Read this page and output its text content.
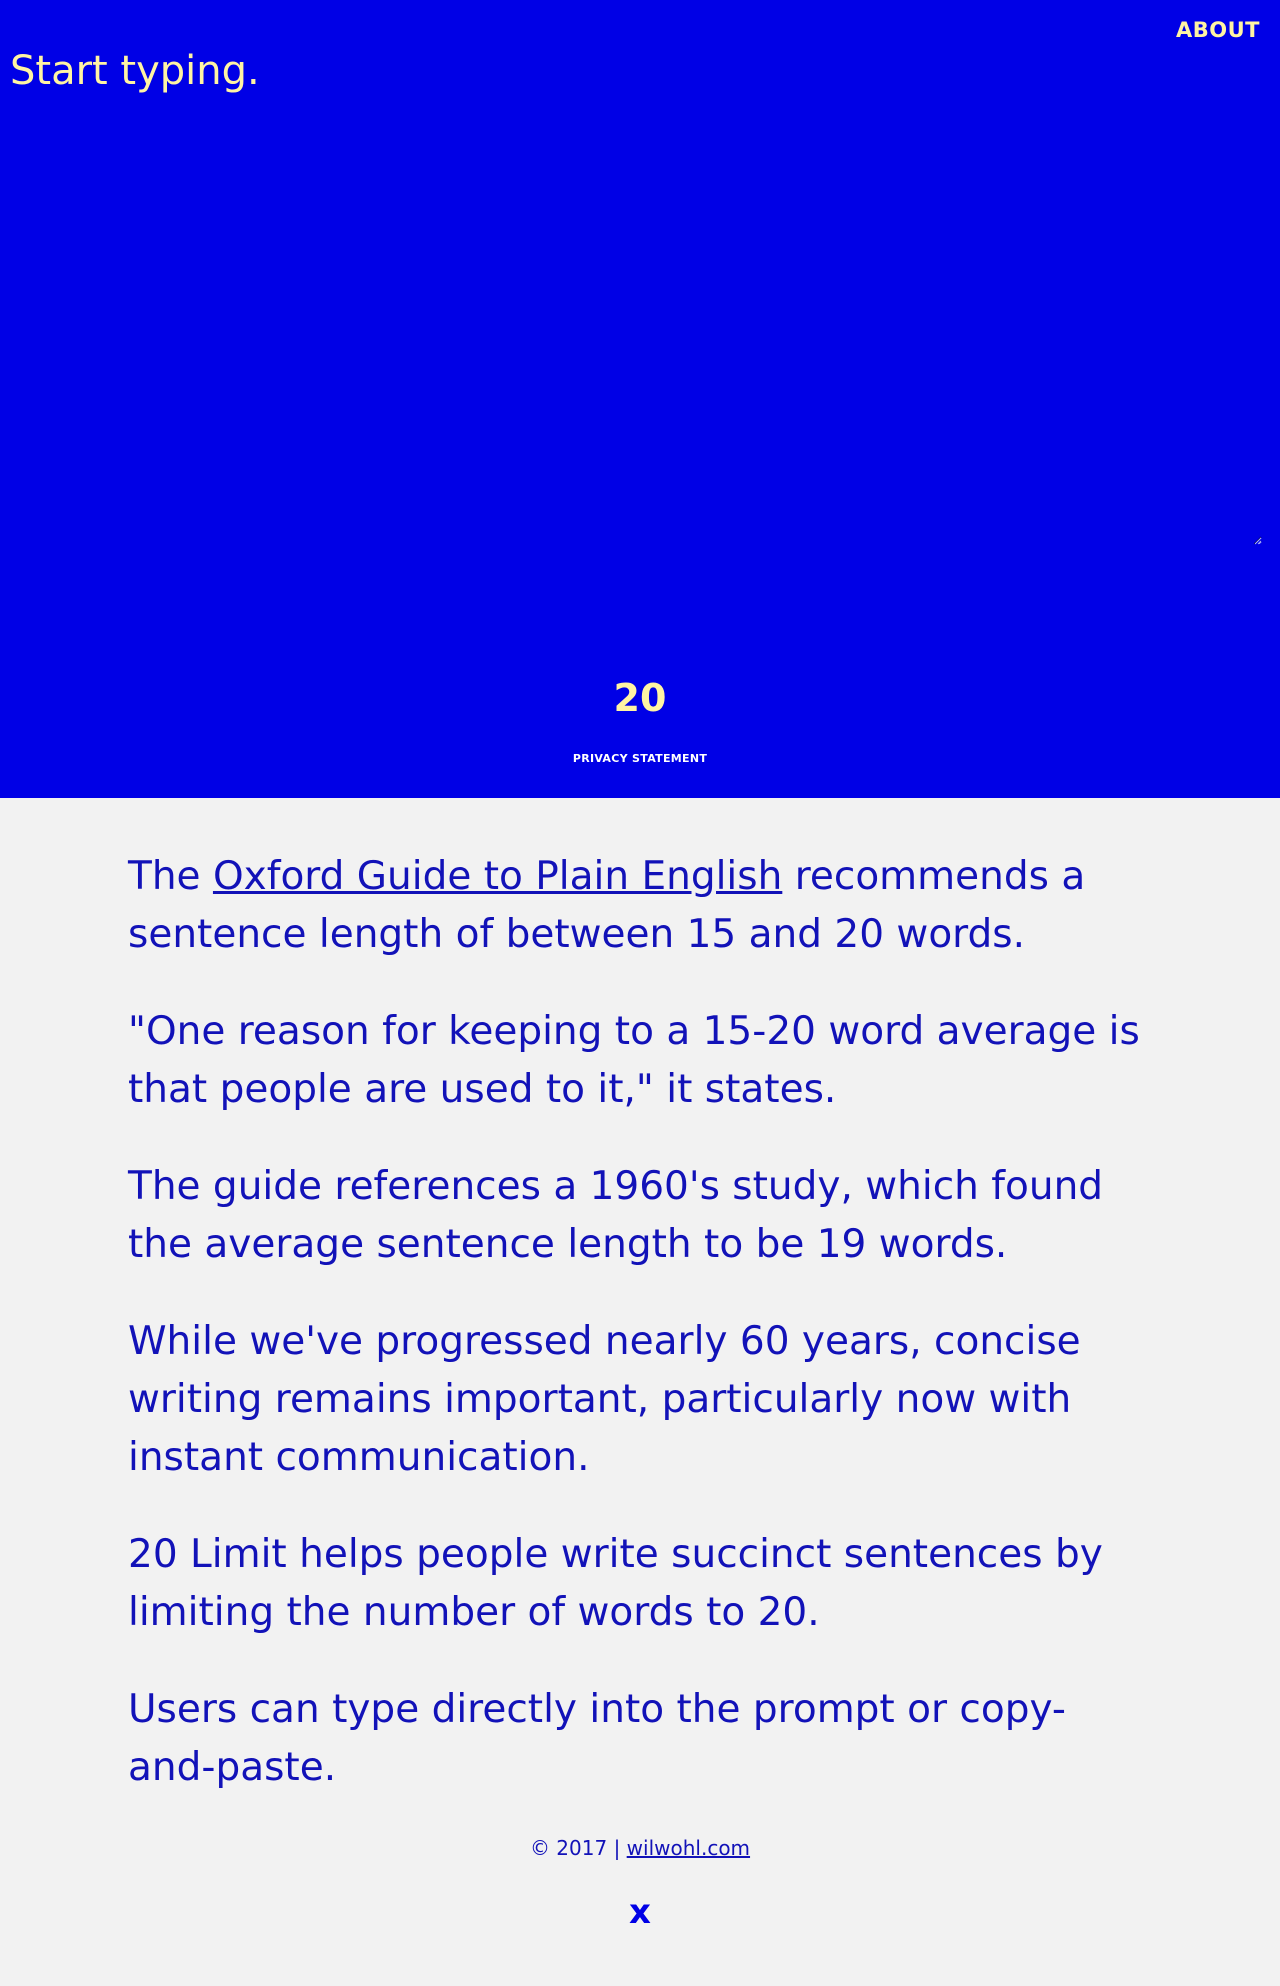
ABOUT
Start typing.
20
PRIVACY STATEMENT

The Oxford Guide to Plain English recommends a sentence length of between 15 and 20 words.

"One reason for keeping to a 15-20 word average is that people are used to it," it states.

The guide references a 1960's study, which found the average sentence length to be 19 words.

While we've progressed nearly 60 years, concise writing remains important, particularly now with instant communication.

20 Limit helps people write succinct sentences by limiting the number of words to 20.

Users can type directly into the prompt or copy-and-paste.

© 2017 | wilwohl.com
x
